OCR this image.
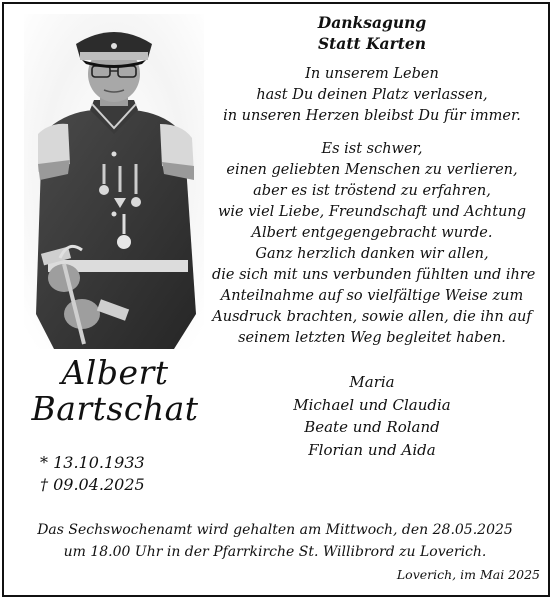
Albert
Bartschat
* 13.10.1933
† 09.04.2025
Danksagung
Statt Karten
In unserem Leben
hast Du deinen Platz verlassen,
in unseren Herzen bleibst Du für immer.
Es ist schwer,
einen geliebten Menschen zu verlieren,
aber es ist tröstend zu erfahren,
wie viel Liebe, Freundschaft und Achtung
Albert entgegengebracht wurde.
Ganz herzlich danken wir allen,
die sich mit uns verbunden fühlten und ihre
Anteilnahme auf so vielfältige Weise zum
Ausdruck brachten, sowie allen, die ihn auf
seinem letzten Weg begleitet haben.
Maria
Michael und Claudia
Beate und Roland
Florian und Aida
Das Sechswochenamt wird gehalten am Mittwoch, den 28.05.2025
um 18.00 Uhr in der Pfarrkirche St. Willibrord zu Loverich.
Loverich, im Mai 2025
